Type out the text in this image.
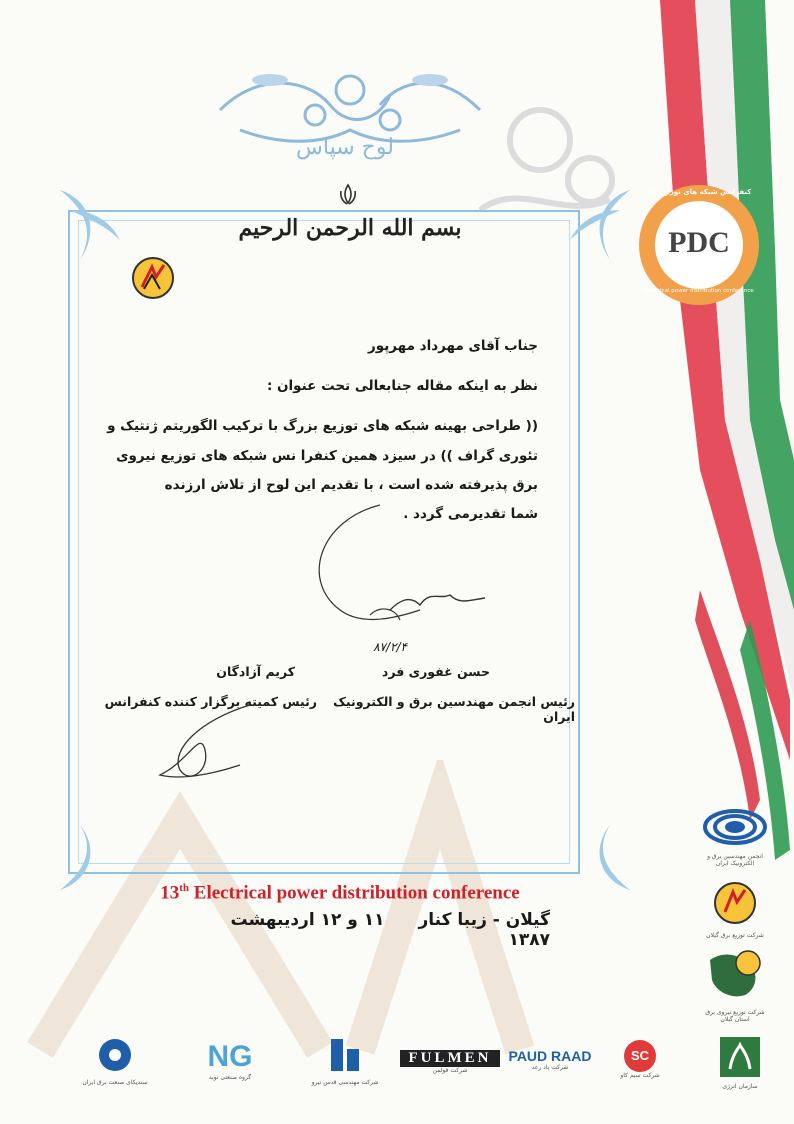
لوح سپاس
بسم الله الرحمن الرحیم	PDC
کنفرانس شبکه های توزیع برق
Electrical power distribution conference
جناب آقای مهرداد مهرپور
نظر به اینکه مقاله جنابعالی تحت عنوان :
(( طراحی بهینه شبکه های توزیع بزرگ با ترکیب الگوریتم ژنتیک و
تئوری گراف )) در سیزد همین کنفرا نس شبکه های توزیع نیروی
برق پذیرفته شده است ، با تقدیم این لوح از تلاش ارزنده
شما تقدیرمی گردد .
۸۷/۲/۴
حسن غفوری فرد
رئیس انجمن مهندسین برق و الکترونیک ایران
کریم آزادگان
رئیس کمیته برگزار کننده کنفرانس
13th Electrical power distribution conference
گیلان - زیبا کنار ۱۱ و ۱۲ اردیبهشت ۱۳۸۷
انجمن مهندسین برق و الکترونیک ایران
شرکت توزیع برق گیلان
شرکت توزیع نیروی برق استان گیلان
سندیکای صنعت برق ایران
NG
گروه صنعتی نوید
شرکت مهندسی قدس نیرو
FULMEN
شرکت فولمن
PAUD RAAD
شرکت پاد رعد
SC
شرکت سیم کاو
سازمان انرژی
